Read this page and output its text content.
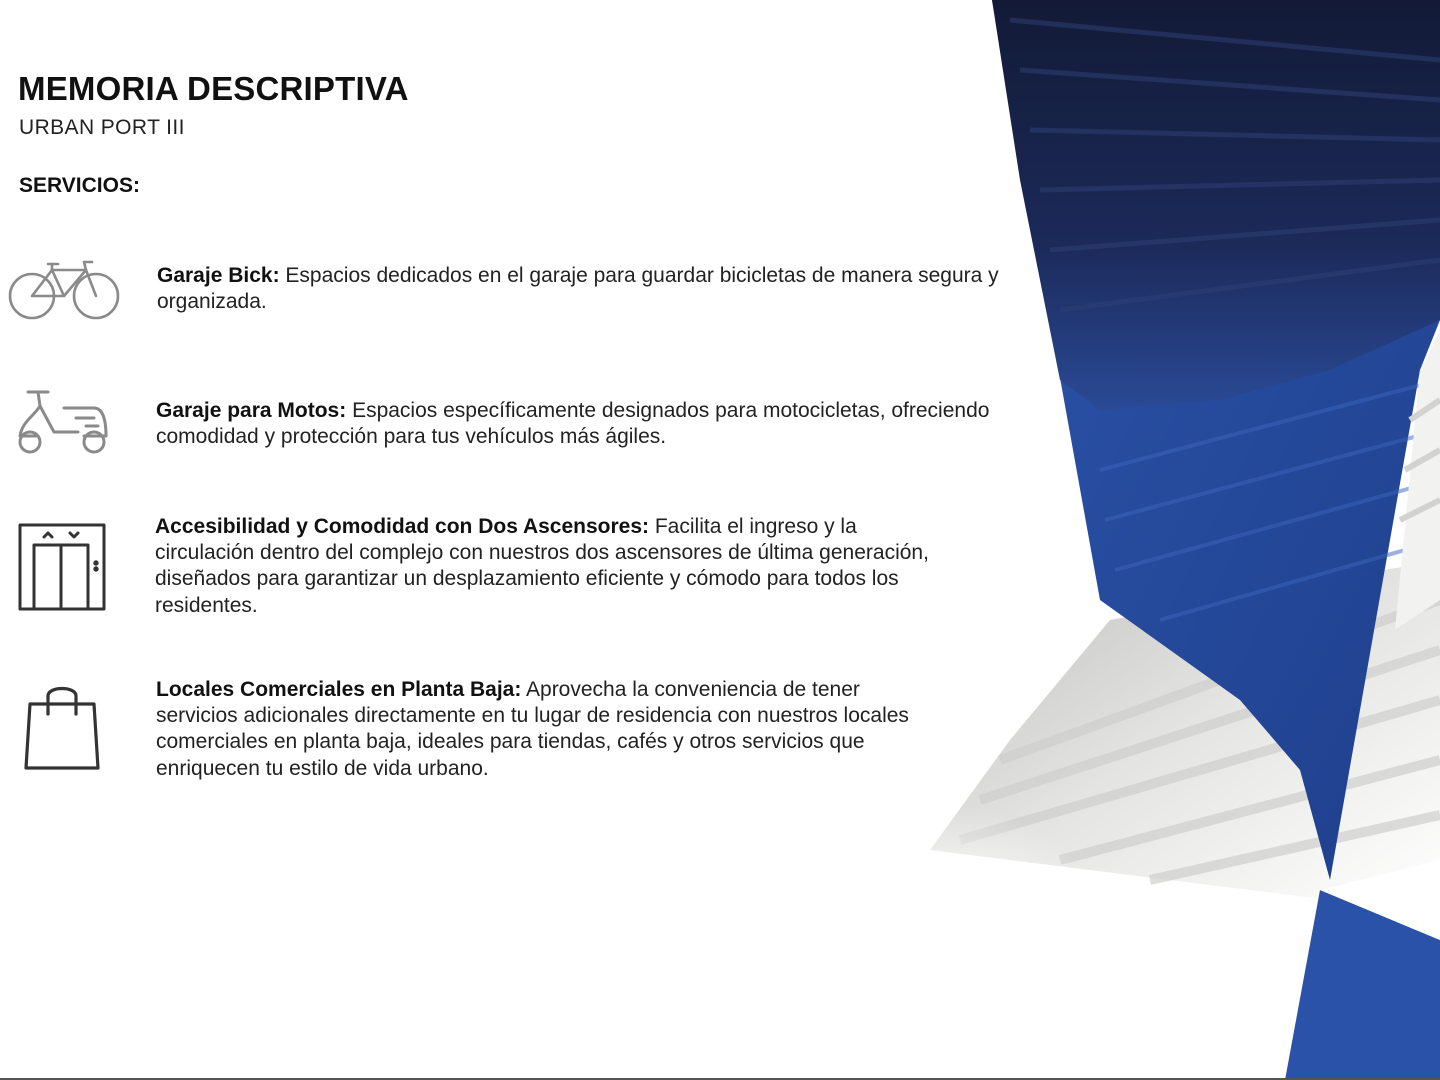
MEMORIA DESCRIPTIVA
URBAN PORT III
SERVICIOS:
Garaje Bick: Espacios dedicados en el garaje para guardar bicicletas de manera segura y organizada.
Garaje para Motos: Espacios específicamente designados para motocicletas, ofreciendo comodidad y protección para tus vehículos más ágiles.
Accesibilidad y Comodidad con Dos Ascensores: Facilita el ingreso y la circulación dentro del complejo con nuestros dos ascensores de última generación, diseñados para garantizar un desplazamiento eficiente y cómodo para todos los residentes.
Locales Comerciales en Planta Baja: Aprovecha la conveniencia de tener servicios adicionales directamente en tu lugar de residencia con nuestros locales comerciales en planta baja, ideales para tiendas, cafés y otros servicios que enriquecen tu estilo de vida urbano.
